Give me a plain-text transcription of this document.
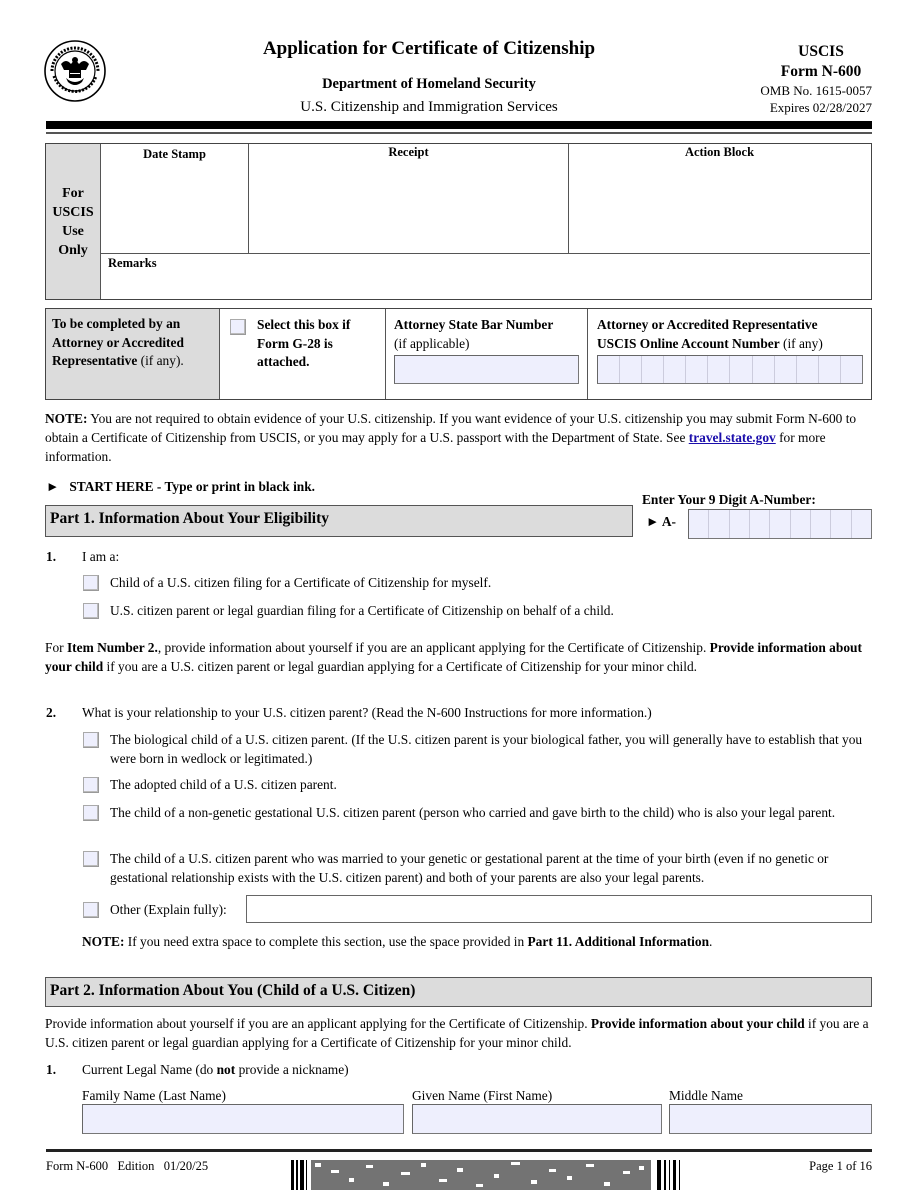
Application for Certificate of Citizenship
Department of Homeland Security
U.S. Citizenship and Immigration Services
USCIS
Form N-600
OMB No. 1615-0057
Expires 02/28/2027
For
USCIS
Use
Only
Date Stamp	Receipt	Action Block
Remarks
To be completed by an Attorney or Accredited Representative (if any).
Select this box if Form G-28 is attached.
Attorney State Bar Number
(if applicable)
Attorney or Accredited Representative
USCIS Online Account Number (if any)
NOTE: You are not required to obtain evidence of your U.S. citizenship. If you want evidence of your U.S. citizenship you may submit Form N-600 to obtain a Certificate of Citizenship from USCIS, or you may apply for a U.S. passport with the Department of State. See travel.state.gov for more information.
► START HERE - Type or print in black ink.
Part 1. Information About Your Eligibility
Enter Your 9 Digit A-Number:
► A-
1. I am a:
Child of a U.S. citizen filing for a Certificate of Citizenship for myself.
U.S. citizen parent or legal guardian filing for a Certificate of Citizenship on behalf of a child.
For Item Number 2., provide information about yourself if you are an applicant applying for the Certificate of Citizenship. Provide information about your child if you are a U.S. citizen parent or legal guardian applying for a Certificate of Citizenship for your minor child.
2. What is your relationship to your U.S. citizen parent? (Read the N-600 Instructions for more information.)
The biological child of a U.S. citizen parent. (If the U.S. citizen parent is your biological father, you will generally have to establish that you were born in wedlock or legitimated.)
The adopted child of a U.S. citizen parent.
The child of a non-genetic gestational U.S. citizen parent (person who carried and gave birth to the child) who is also your legal parent.
The child of a U.S. citizen parent who was married to your genetic or gestational parent at the time of your birth (even if no genetic or gestational relationship exists with the U.S. citizen parent) and both of your parents are also your legal parents.
Other (Explain fully):
NOTE: If you need extra space to complete this section, use the space provided in Part 11. Additional Information.
Part 2. Information About You (Child of a U.S. Citizen)
Provide information about yourself if you are an applicant applying for the Certificate of Citizenship. Provide information about your child if you are a U.S. citizen parent or legal guardian applying for a Certificate of Citizenship for your minor child.
1. Current Legal Name (do not provide a nickname)
Family Name (Last Name)	Given Name (First Name)	Middle Name
Form N-600   Edition   01/20/25	Page 1 of 16
